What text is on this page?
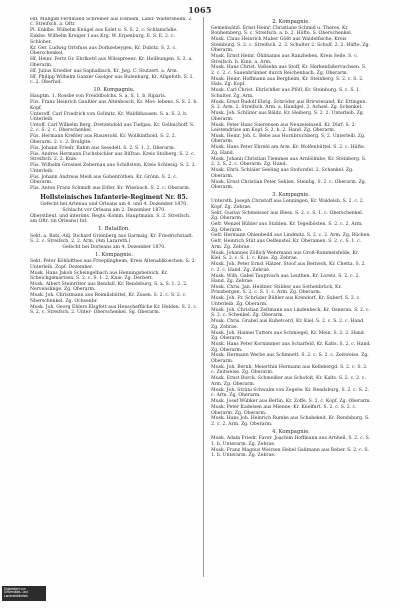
1065
Hlf. Maßgaß Ferdinand Schreiber aus Elsheim, Land- Waltersheim, 2. c. Streifsch. a. Oftr.
Pl. Enklbe. Wilhelm Knügel aus Eslet u. S. S. 2. c. Schlamrädie.
Enkbe. Wilhelm Kreiger I aus Krg. W. Erpenburg. E. S. E. 2. c. Schlober.
Kr. Ger. Ludwig Ortsfuss aus Dorksebeygen, Kr. Dubitz. S. 2. c. Oberschenkel.
Hf. Heinr. Fertz Gr. Ehrlkettl aus Wilsspreeez, Kr. Heilbungen. S. 2. a. Oberarm.
Hf. Julius Kriedler aus Saphalbach. Kr. Jwg. C. Stutzert. a. Arm.
Hf. Philipp Wilhelm Ganzer Gsolger aus Bulenburg, Kr. Allgefoth. S. 2. c. 2. Oberhof.
10. Kompagnie.
Hauptm. 1. Rossbe von Freiddbolchs. S. a. S. 1. b. Riparis.
Füs. Franz Heinrich Gaußler aus Altenbosch, Kr. Mos- lebens. S. S. 2. b. Kopf.
Unteroff. Carl Friedrich von Gollnitz, Kr. Waldbhausen. S. a. S. 2. b. Unterleib.
Untoff. Carl Wilhelm Berg. Dretzendold aus Tiefgau. Kr. Gollnichoff. S. 2. c. S. 2. c. Oberschenkel.
Füs. Hermann Kreßler aus Ruszerold. Kr. Wollkinthold. S. 2. 2. Oberarm. 2. c. 2. Brufgite.
Füs. Johann Friedr. Rahm aus Sessdelt. S. 2. S. 1. 2. Oberarm.
Füs. Andres Hermann Fuchsbichler aus Biſſtau. Kreis Stolberg. S. 2. c. Streifsch. 2. 2. Knie.
Füs. Wilhelm Grosinel Zebernau aus Schillstein. Kreis Schlesig. S. 2. 2. Unterleib.
Füs. Johann Andreas Meiß aus Gohenröthen. Kr. Grönn. S. 2. c. Oberarm.
Füs. Anton Franz Schmidt aus Eifler, Kr. Wiesbach. S. 2. c. Oberarm.
Hollsteinisches Infanterie-Regiment Nr. 85.
Gefecht bei Artenau und Orleans am 4. und 4. Dezember 1870.
Schlacht vor Orleans am 2. Dezember 1870.
Oberstlieut. und interims. Regts.-Komm. Hauptmann. S. 2. Streifsch. am Oftr. (in Orleans) Inf.
1. Bataillon.
Sekt. a. Bats.-Adj. Richard Grienberg aus Garmsig, Kr. Friedrichstadt. S. 2. c. Streifsch. 2. 2. Arm. (Am Lazareth.)
Gefecht bei Dorleans am 4. Dezember 1870.
1. Kompagnie.
Sekt. Peter Köhlidthes aus Froeplingheim, Kreis Altenahlkoechen. S. 2. Unterleib. Zopf. Dezember.
Musk. Hans Jakob Scheingelbach aus Henningsheinich, Kr. Scheichgemartsen. S. 2. c. S. 1. 2. Knie. Zg. Derbert.
Musk. Albert Steinritter aus Bendall, Kr. Rendsburg. S. a. S. 1. 2. 2. Nervenslinge. Zg. Oberarm.
Musk. Joh. Christmann aus Reimilsbüttel, Kr. Zusen. S. 2. c. S. 2. c. Nberschenkel. Zg. Ochsenbr.
Musk. Joh. Georg Ehlers Elsgfett aus Henscheffliche Kr. Helden. S. 2. c. S. 2. c. Streifsch. 2. Unter- Oberschenkel. Sg. Oberarm.
2. Kompagnie.
Gemeinsätzl. Ernst Heinr. Christiane Schmid u. Theres. Kr. Bonhemberg. S. c. Streifsch. a. b. 2. Hüfte. S. Oberschenkel.
Musk. Claus Heinrich Maber Gößt aus Waldelfische, Kreis Steinburg. S. 2. c. Streifsch. 2. 2. Schulter 2. Schulf. 2. 2. Hüfte. Zg. Oberarm.
Musk. Ernst Heinr. Öhlmanns aus Ranzheben, Kreis Seile. S. c. Streifsch. b. Kinn. a. Arm.
Musk. Hans Christ. Voßsehn aus Stoff, Kr. Herkenfaßervuchsen. S. 2. c. 2. c. Sauenbrünner durch Reichenbach. Zg. Oberarm.
Musk. Heinr. Hoffmann aus Bergheim, Kr. Steinberg. S. 2. c. S. 2. Hals. Zg. Kopf.
Musk. Carl Christ. Ehrlichfler aus Pföfl, Kr. Steinburg. S. c. S. 1. Schulter. Zg. Arm.
Musk. Ernst Rudolf Ehrig. Schröder aus Brirwiesand, Kr. Ettingen. S. 2. Arm. 2. Streifsch. Arm. a. Handgel. 2. Achsel. Zg. Schenkel.
Musk. Joh. Schlüter aus Bäldz. Kr. Heiberg. S. 2. 2. Unterleib. Zg. Oberarm.
Musk. Peter Hans Suerensen aus Neuzeleinzell. Kr. Dürf. S. 2. Leistendrüse am Kopf. S. 2. b. 2. Hand. Zg. Oberarm.
Musk. Heinr. Joh. L. Bebe aus Hornbruchberg. S. 2. Unterleib. Zg. Oberarm.
Musk. Hans Peter Ehrehl am Arm. Kr. Wolfenbüttel. S. 2. c. Hüfte. Zg. Hand.
Musk. Johann Christian Tiemmes aus Arnbölmbe, Kr. Steinberg. S. 2. 2. S. 2. c. Oberarm. Zg. Hand.
Musk. Ehrli. Schlaler Seeling aus Stoforsfel. 2. Schenkel. Zg. Oberarm.
Musk. Ernst Christian Peter Sehlen. Steinbg. S. 2. c. Oberarm. Zg. Oberarm.
3. Kompagnie.
Untersth. Joseph Christoff aus Lenningen, Kr. Waldelsb. S. 2. c. 2. Kopf. Zg. Zebrae.
Sekt. Gustav Schmeisser aus Bless. S. 2. c. S. 1. c. Oberschenkel. Zg. Oberarm.
Gefr. Wenzel Bühler aus Stahlen. Kr. Tegelbösten. S. 2. c. 2. Arm. Zg. Oberarm.
Gefr. Hermann Ohlenbedd aus Lindmitz. S. 2. c. 2. Arm. Zg. Rücken.
Gefr. Heinrich Stüt aus Oelfenstel. Kr. Oberamen. S. 2. c. S. 1. c. Arm. Zg. Zebrae.
Musk. Johannes Zöllich Wehrmann aus Groß-Rummelsfelde, Kr. Kiel. S. 2. c. S. 1. c. Knie. Zg. Zebrae.
Musk. Joh. Peter Ernst Hätzer. Stoof aus Berneck, Kr. Chetta. S. 2. c. 2. c. Hand. Zg. Zebrae.
Musk. Wilh. Gabel Tauptvach aus Leuthen. Kr. Loretz. S. 2. c. 2. Hand. Zg. Zebrae.
Musk. Chris. Jan. Heidner. Stibber aus Sothenbrück, Kr. Prinzbergen. S. 2. c. S. 1. c. Arm. Zg. Oberarm.
Musk. Joh. Fr. Schrüder Bühler aus Krendorf, Kr. Suberf. S. 2. c. Unterleib. Zg. Oberarm.
Musk. Joh. Christian Zeltmann aus Lindenbeck, Kr. Osnerau. S. 2. c. S. 2. c. Schenkel. Zg. Oberarm.
Musk. Chris. Grabel aus Kubetcerd, Kr. Kiel. S. 2. c. S. 2. c. Hand. Zg. Zebrae.
Musk. Joh. Haimei Tutters aus Schmiegel, Kr. Mein. S. 2. 2. Hand. Zg. Oberarm.
Musk. Hans Peter Kornimmer aus Scharfeld, Kr. Kalts. S. 2. c. Hand. Zg. Oberarm.
Musk. Hermann Werbe aus Schmnett. S. 2. c. S. 2. c. Zeitweise. Zg. Oberarm.
Musk. Joh. Bernh. Meierthin Hermann aus Kellebergd. S. 2. c. S. 2. c. Zeitweise. Zg. Oberarm.
Musk. Ernst Burck. Schmeißer aus Schofolt, Kr. Kalts. S. 2. c. 2. c. Arm. Zg. Oberarm.
Musk. Joh. Strüni Schwalm von Zegelw. Kr. Rendsburg. S. 2. c. S. 2. c. Arm. Zg. Oberarm.
Musk. Josef Wübker aus Berlin. Kr. Zoffe. S. 2. c. Kopf. Zg. Oberarm.
Musk. Peter Kadelsen aus Mienne, Kr. Knelfurt. S. 2. c. S. 2. c. Oberarm. Zg. Oberarm.
Musk. Hans Joh. Heinrich Rumke aus Schabekeit, Kr. Rendsburg. S. 2. c. 2. Arm. Zg. Oberarm.
4. Kompagnie.
Musk. Adam Friedr. Faver. Joachim Hoffmann aus Arnheil. S. 2. c. S. 1. b. Unterarm. Zg. Zebrae.
Musk. Franz Magnus Weirsen Hebel Gaßmann aus Reher. S. 2. c. S. 1. b. Unterarm. Zg. Zebrae.
Digitalisiert von
Universitäts- und
Landesbibliothek
